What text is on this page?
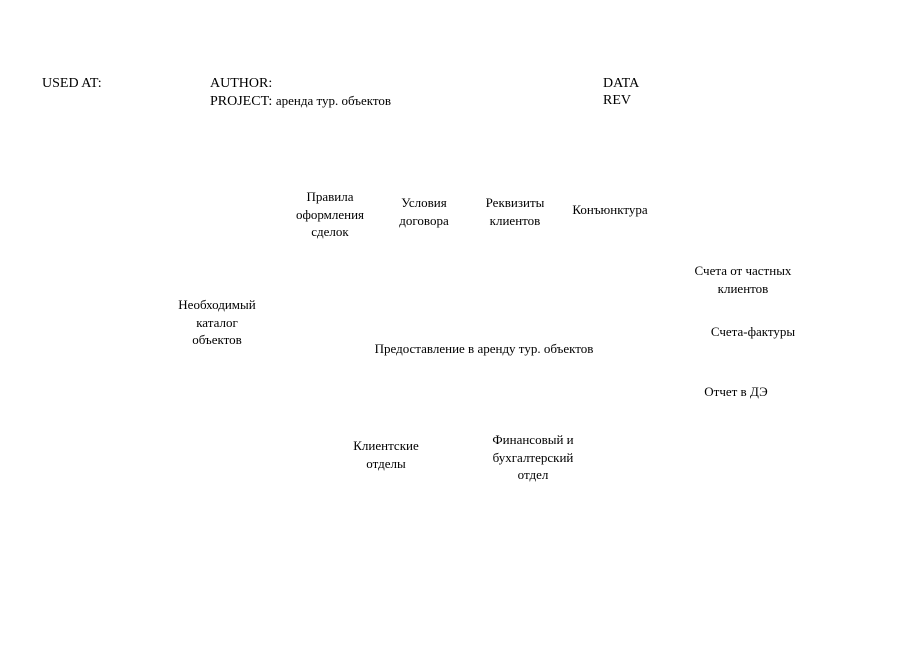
USED AT:	AUTHOR:
PROJECT: аренда тур. объектов
DATA
REV
Правила
оформления
сделок
Условия
договора
Реквизиты
клиентов
Конъюнктура
Необходимый
каталог
объектов
Предоставление в аренду тур. объектов
Счета от частных
клиентов
Счета-фактуры
Отчет в ДЭ
Клиентские
отделы
Финансовый и
бухгалтерский
отдел
